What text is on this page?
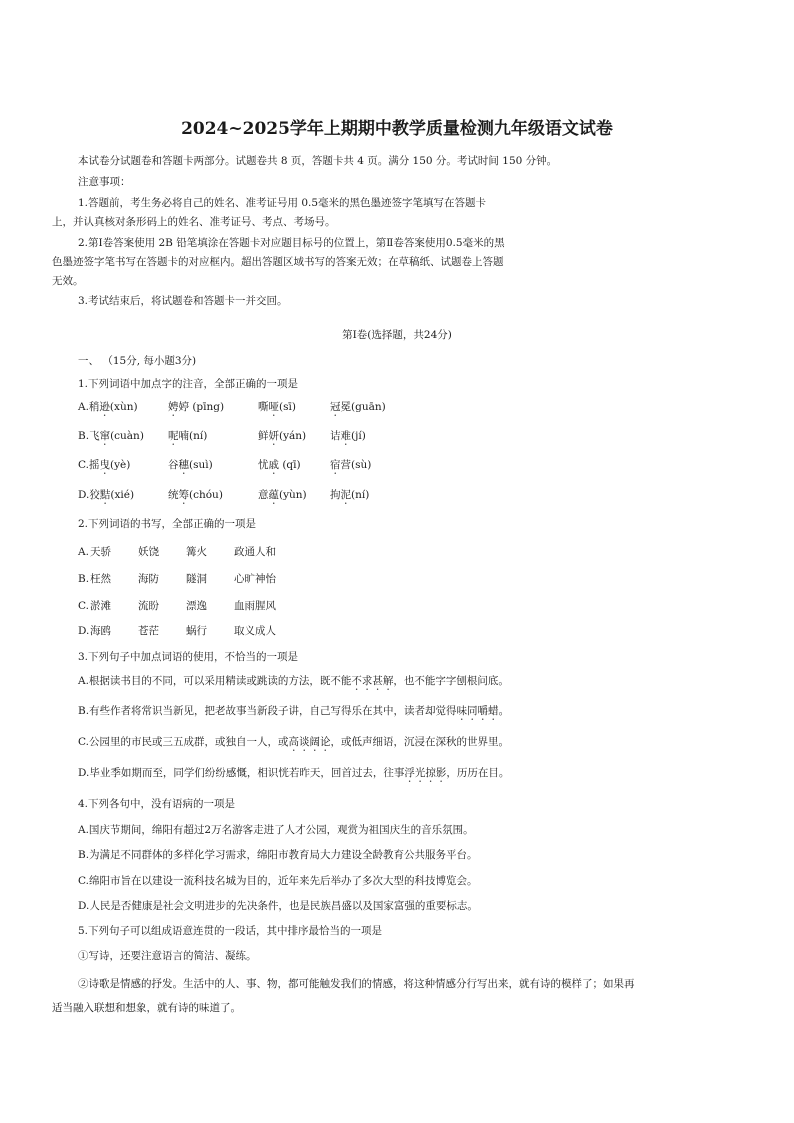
2024~2025学年上期期中教学质量检测九年级语文试卷
本试卷分试题卷和答题卡两部分。试题卷共 8 页，答题卡共 4 页。满分 150 分。考试时间 150 分钟。
注意事项：
1.答题前，考生务必将自己的姓名、准考证号用 0.5毫米的黑色墨迹签字笔填写在答题卡
上，并认真核对条形码上的姓名、准考证号、考点、考场号。
2.第Ⅰ卷答案使用 2B 铅笔填涂在答题卡对应题目标号的位置上，第Ⅱ卷答案使用0.5毫米的黑
色墨迹签字笔书写在答题卡的对应框内。超出答题区域书写的答案无效；在草稿纸、试题卷上答题
无效。
3.考试结束后，将试题卷和答题卡一并交回。
第Ⅰ卷(选择题，共24分)
一、 （15分, 每小题3分)
1.下列词语中加点字的注音，全部正确的一项是
A.稍逊(xùn)	娉婷 (pīng)	嘶哑(sī)	冠冕(guān)
B.飞窜(cuàn) 呢喃(ní)	鲜妍(yán) 诘难(jí)
C.摇曳(yè)	谷穗(suì)	忧戚 (qī)	宿营(sù)
D.狡黠(xié)	统筹(chóu)	意蕴(yùn) 拘泥(ní)
2.下列词语的书写，全部正确的一项是
A. 天骄	妖饶	篝火	政通人和
B. 枉然	海防	隧洞	心旷神怡
C. 淤滩	流盼	漂逸	血雨腥风
D. 海鸥	苍茫	蜗行	取义成人
3.下列句子中加点词语的使用，不恰当的一项是
A.根据读书目的不同，可以采用精读或跳读的方法，既不能不求甚解，也不能字字刨根问底。
B.有些作者将常识当新见，把老故事当新段子讲，自己写得乐在其中，读者却觉得味同嚼蜡。
C.公园里的市民或三五成群，或独自一人，或高谈阔论，或低声细语，沉浸在深秋的世界里。
D.毕业季如期而至，同学们纷纷感慨，相识恍若昨天，回首过去，往事浮光掠影，历历在目。
4.下列各句中，没有语病的一项是
A.国庆节期间，绵阳有超过2万名游客走进了人才公园，观赏为祖国庆生的音乐氛围。
B.为满足不同群体的多样化学习需求，绵阳市教育局大力建设全龄教育公共服务平台。
C.绵阳市旨在以建设一流科技名城为目的，近年来先后举办了多次大型的科技博览会。
D.人民是否健康是社会文明进步的先决条件，也是民族昌盛以及国家富强的重要标志。
5.下列句子可以组成语意连贯的一段话，其中排序最恰当的一项是
①写诗，还要注意语言的简洁、凝练。
②诗歌是情感的抒发。生活中的人、事、物，都可能触发我们的情感，将这种情感分行写出来，就有诗的模样了；如果再
适当融入联想和想象，就有诗的味道了。
